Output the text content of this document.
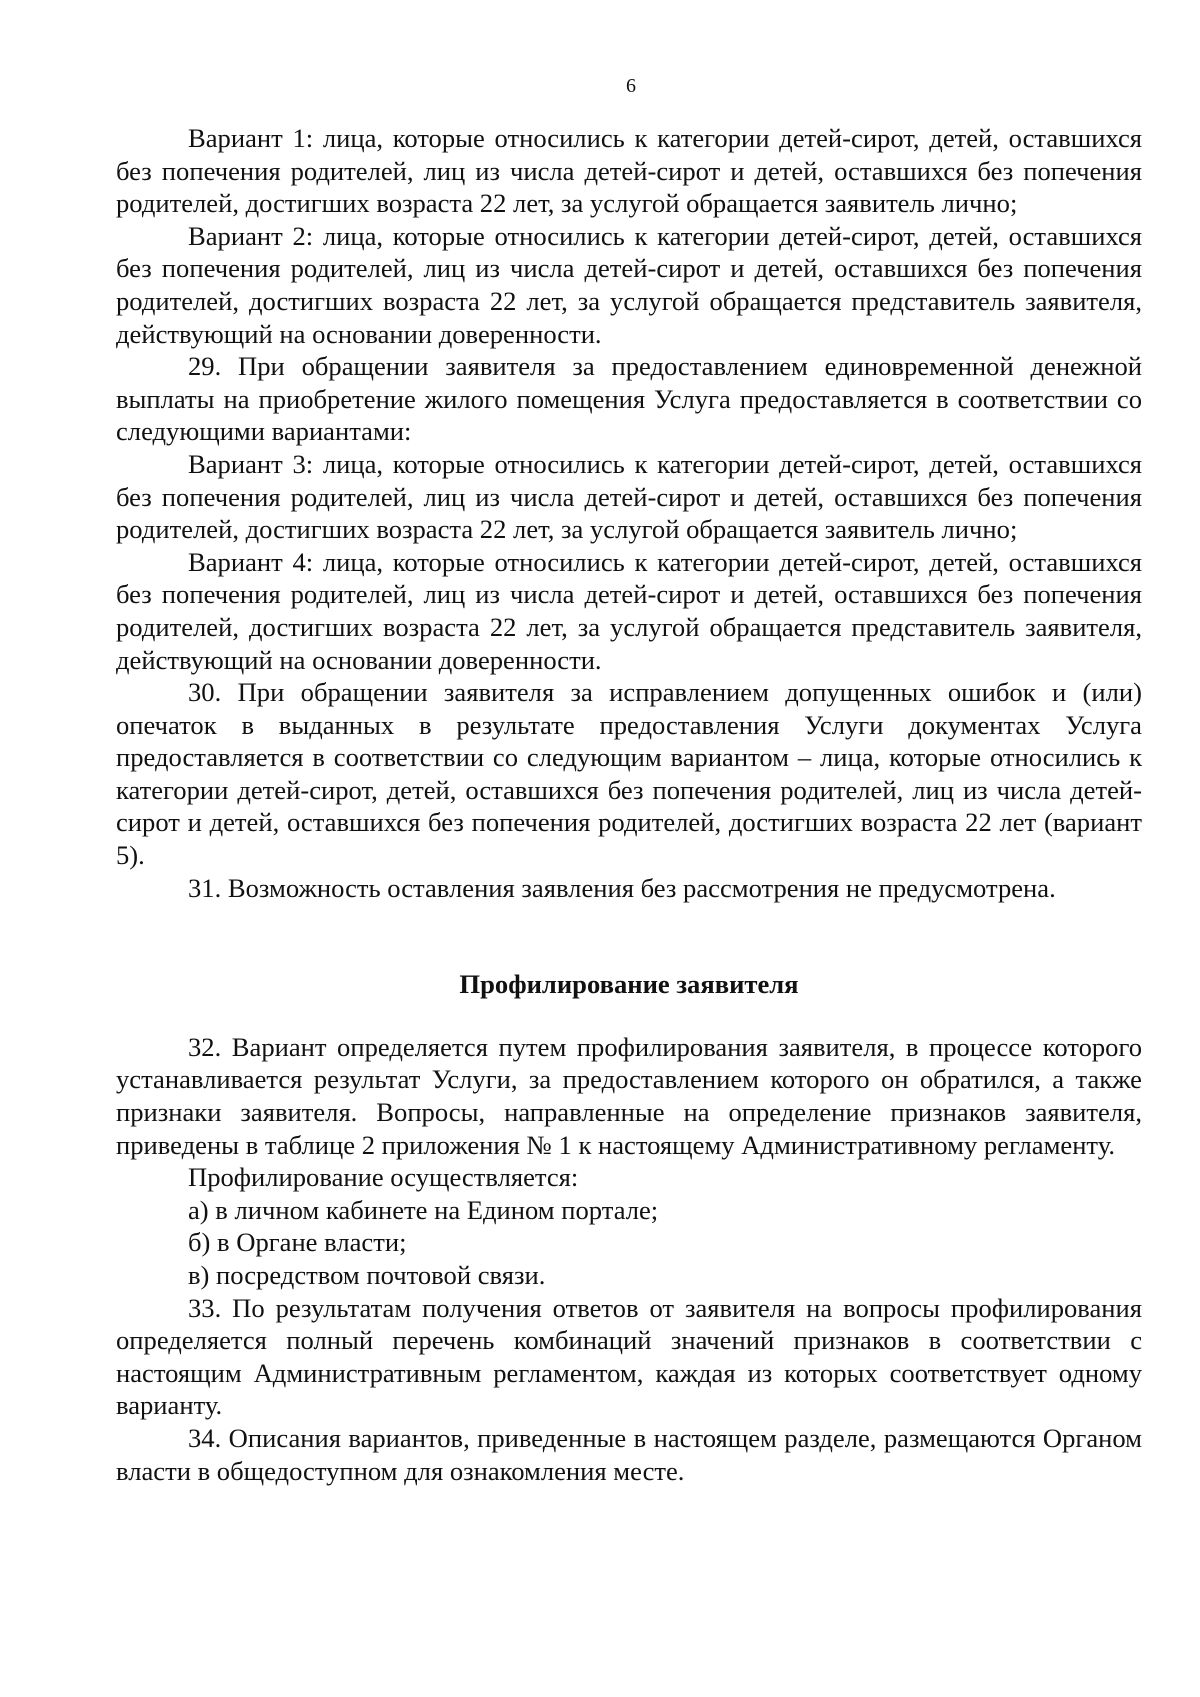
6

Вариант 1: лица, которые относились к категории детей-сирот, детей, оставшихся без попечения родителей, лиц из числа детей-сирот и детей, оставшихся без попечения родителей, достигших возраста 22 лет, за услугой обращается заявитель лично;

Вариант 2: лица, которые относились к категории детей-сирот, детей, оставшихся без попечения родителей, лиц из числа детей-сирот и детей, оставшихся без попечения родителей, достигших возраста 22 лет, за услугой обращается представитель заявителя, действующий на основании доверенности.

29. При обращении заявителя за предоставлением единовременной денежной выплаты на приобретение жилого помещения Услуга предоставляется в соответствии со следующими вариантами:

Вариант 3: лица, которые относились к категории детей-сирот, детей, оставшихся без попечения родителей, лиц из числа детей-сирот и детей, оставшихся без попечения родителей, достигших возраста 22 лет, за услугой обращается заявитель лично;

Вариант 4: лица, которые относились к категории детей-сирот, детей, оставшихся без попечения родителей, лиц из числа детей-сирот и детей, оставшихся без попечения родителей, достигших возраста 22 лет, за услугой обращается представитель заявителя, действующий на основании доверенности.

30. При обращении заявителя за исправлением допущенных ошибок и (или) опечаток в выданных в результате предоставления Услуги документах Услуга предоставляется в соответствии со следующим вариантом – лица, которые относились к категории детей-сирот, детей, оставшихся без попечения родителей, лиц из числа детей-сирот и детей, оставшихся без попечения родителей, достигших возраста 22 лет (вариант 5).

31. Возможность оставления заявления без рассмотрения не предусмотрена.

Профилирование заявителя

32. Вариант определяется путем профилирования заявителя, в процессе которого устанавливается результат Услуги, за предоставлением которого он обратился, а также признаки заявителя. Вопросы, направленные на определение признаков заявителя, приведены в таблице 2 приложения № 1 к настоящему Административному регламенту.

Профилирование осуществляется:

а) в личном кабинете на Едином портале;

б) в Органе власти;

в) посредством почтовой связи.

33. По результатам получения ответов от заявителя на вопросы профилирования определяется полный перечень комбинаций значений признаков в соответствии с настоящим Административным регламентом, каждая из которых соответствует одному варианту.

34. Описания вариантов, приведенные в настоящем разделе, размещаются Органом власти в общедоступном для ознакомления месте.
